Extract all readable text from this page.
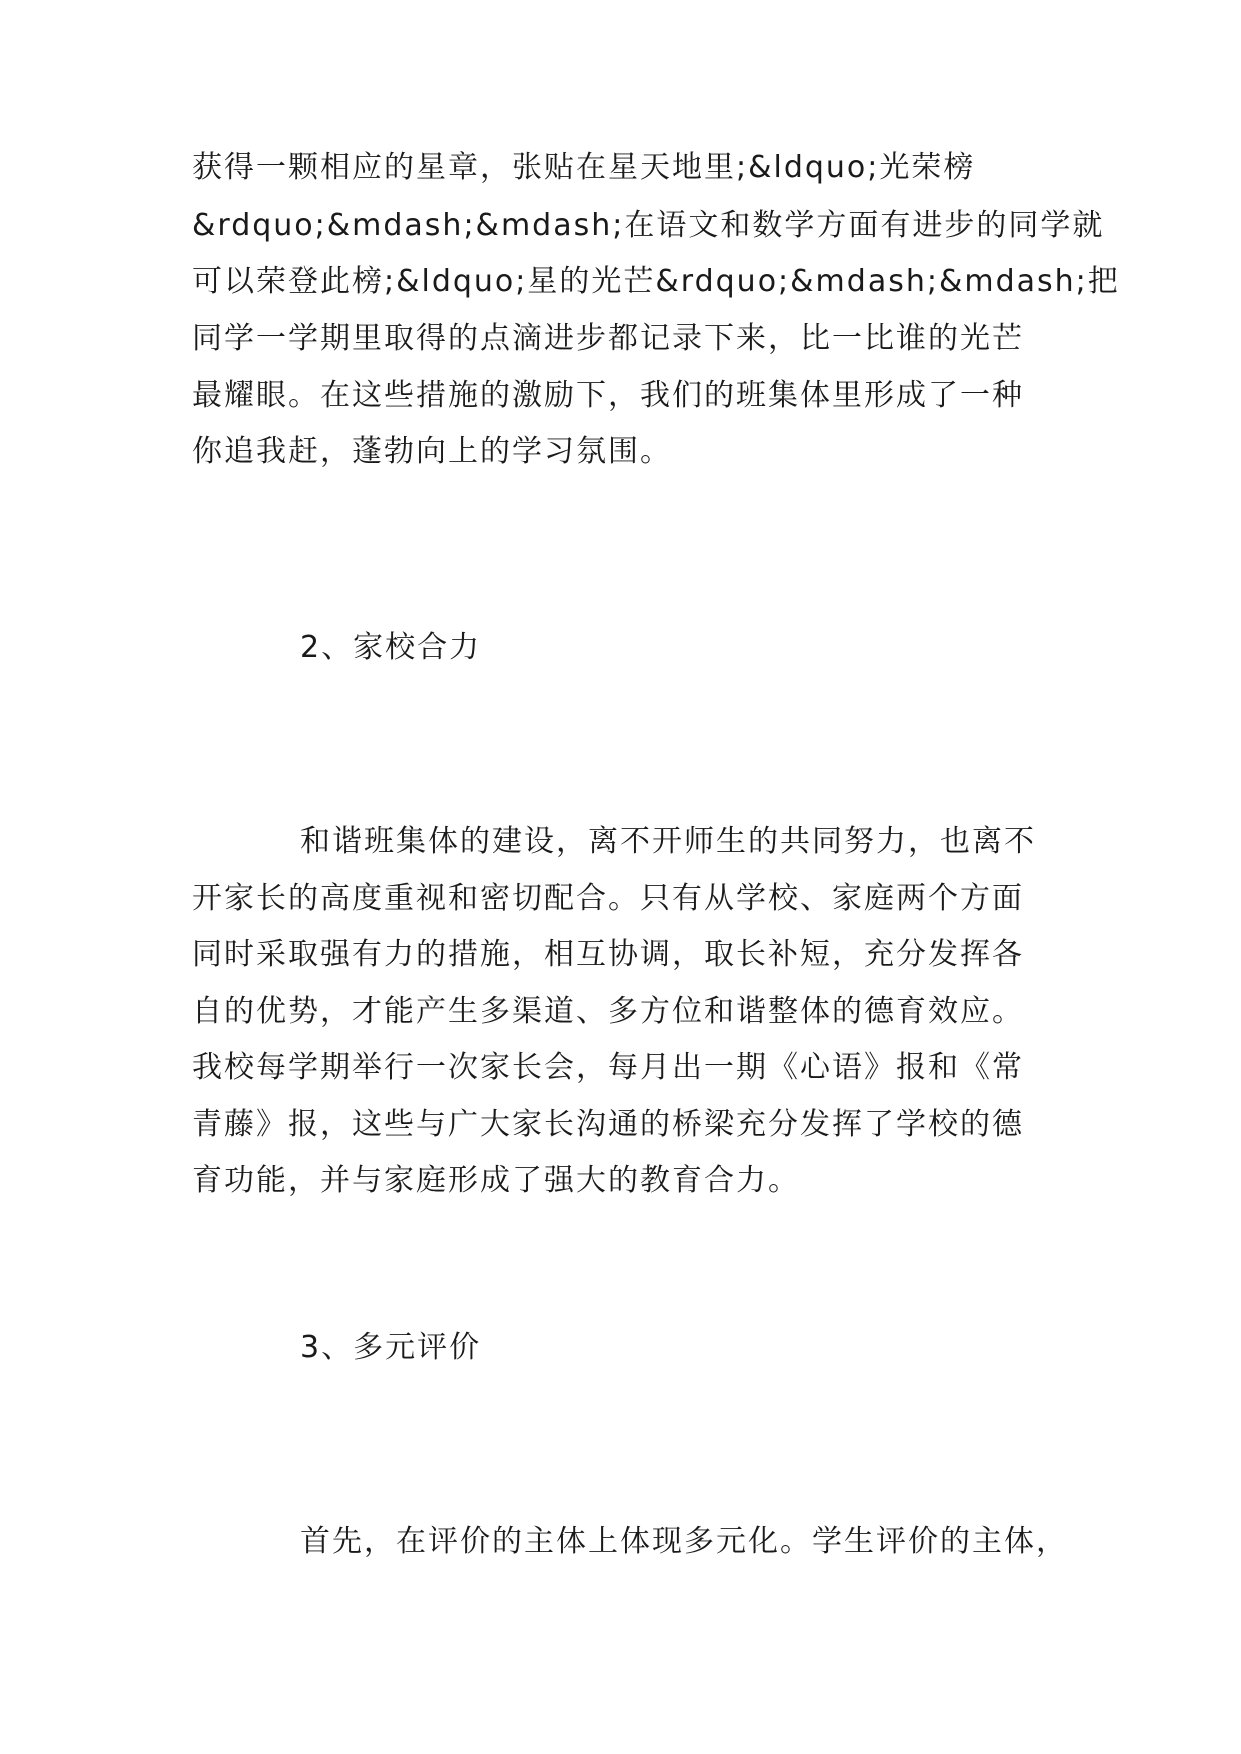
获得一颗相应的星章，张贴在星天地里;&ldquo;光荣榜
&rdquo;&mdash;&mdash;在语文和数学方面有进步的同学就
可以荣登此榜;&ldquo;星的光芒&rdquo;&mdash;&mdash;把
同学一学期里取得的点滴进步都记录下来，比一比谁的光芒
最耀眼。在这些措施的激励下，我们的班集体里形成了一种
你追我赶，蓬勃向上的学习氛围。
2、家校合力
和谐班集体的建设，离不开师生的共同努力，也离不
开家长的高度重视和密切配合。只有从学校、家庭两个方面
同时采取强有力的措施，相互协调，取长补短，充分发挥各
自的优势，才能产生多渠道、多方位和谐整体的德育效应。
我校每学期举行一次家长会，每月出一期《心语》报和《常
青藤》报，这些与广大家长沟通的桥梁充分发挥了学校的德
育功能，并与家庭形成了强大的教育合力。
3、多元评价
首先，在评价的主体上体现多元化。学生评价的主体，
